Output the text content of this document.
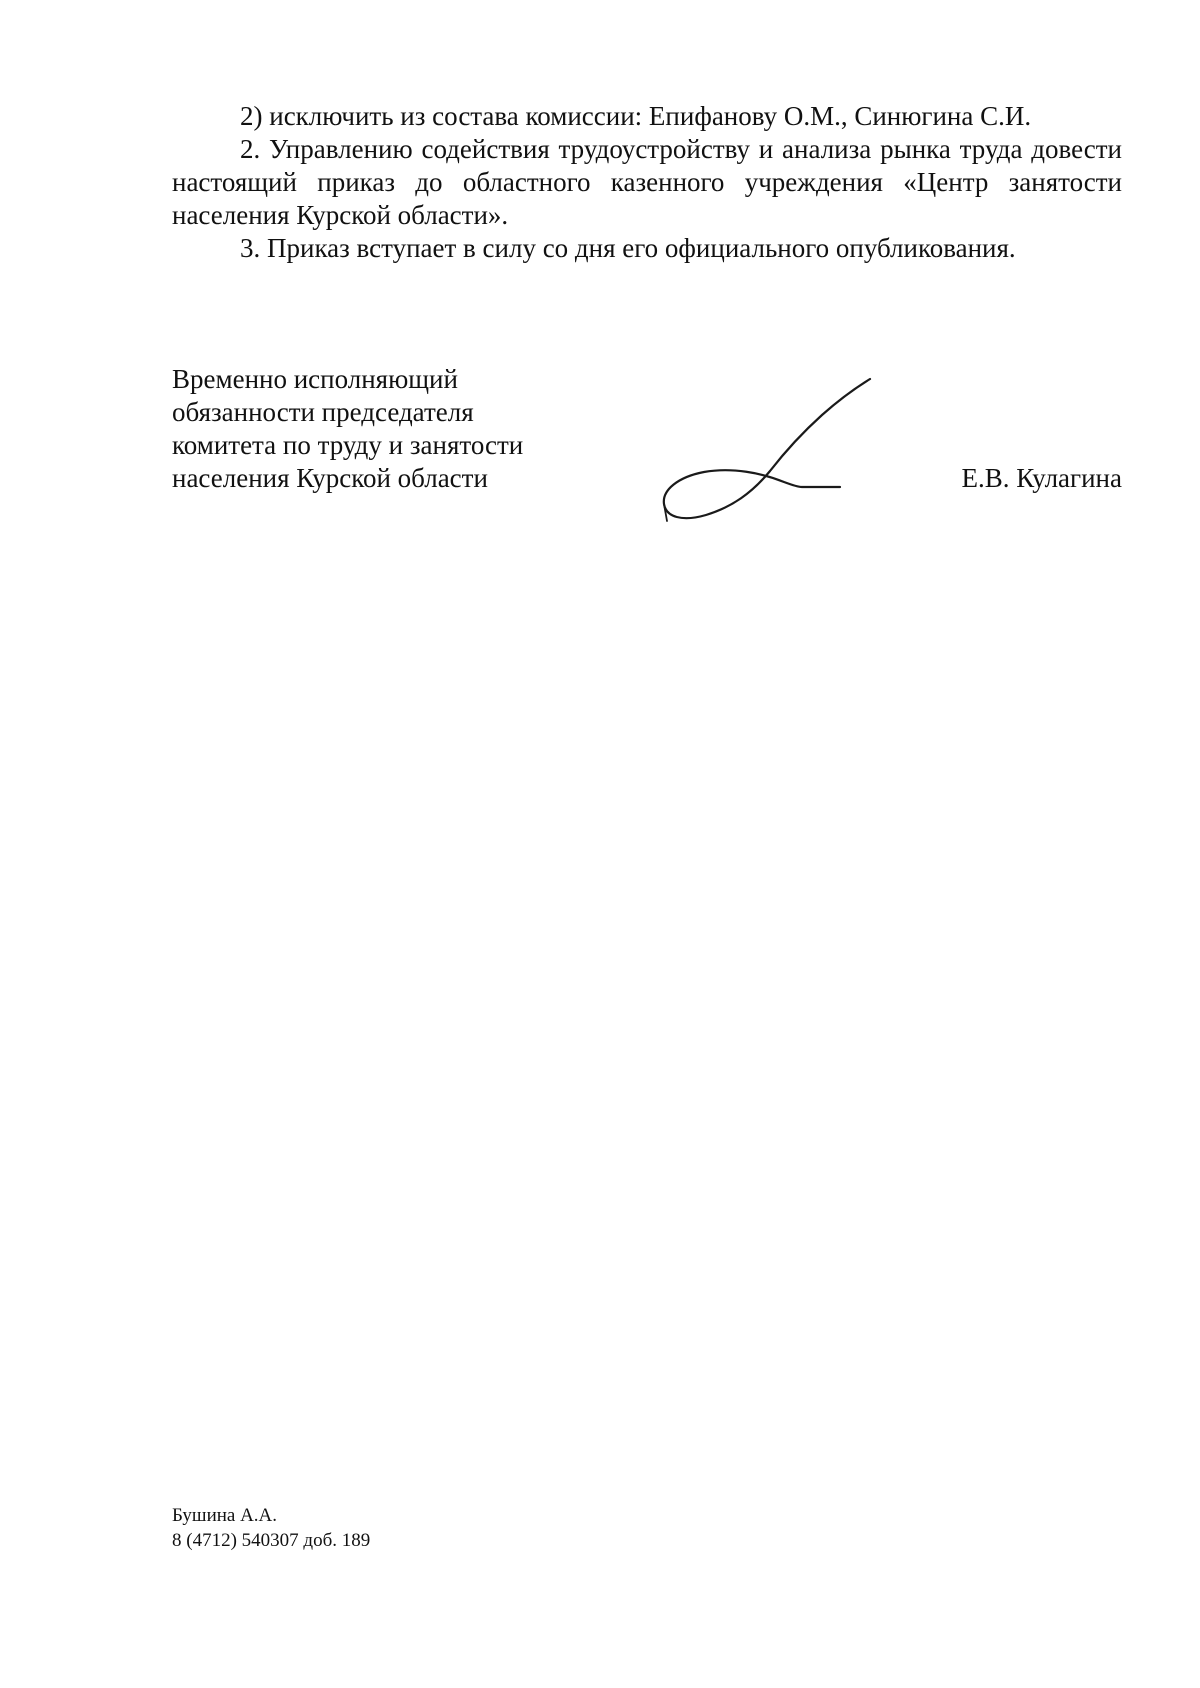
2) исключить из состава комиссии: Епифанову О.М., Синюгина С.И.

2. Управлению содействия трудоустройству и анализа рынка труда довести настоящий приказ до областного казенного учреждения «Центр занятости населения Курской области».

3. Приказ вступает в силу со дня его официального опубликования.

Временно исполняющий
обязанности председателя
комитета по труду и занятости
населения Курской области	Е.В. Кулагина
Бушина А.А.
8 (4712) 540307 доб. 189
